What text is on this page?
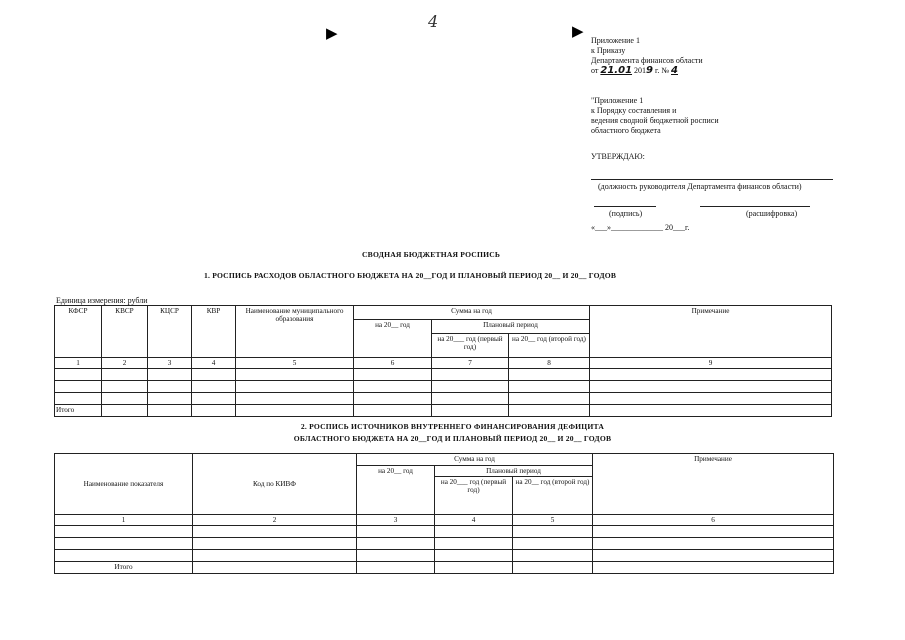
4
▶	▶
Приложение 1
к Приказу
Департамента финансов области
от 21.01 2019 г. № 4
"Приложение 1
к Порядку составления и
ведения сводной бюджетной росписи
областного бюджета
УТВЕРЖДАЮ:
(должность руководителя Департамента финансов области)
(подпись)	(расшифровка)
«___»_____________ 20___г.
СВОДНАЯ БЮДЖЕТНАЯ РОСПИСЬ
1. РОСПИСЬ РАСХОДОВ ОБЛАСТНОГО БЮДЖЕТА НА 20__ГОД И ПЛАНОВЫЙ ПЕРИОД 20__ И 20__ ГОДОВ
Единица измерения: рубли
КФСР	КВСР	КЦСР	КВР	Наименование муниципального образования	Сумма на год			Примечание
					на 20__ год	Плановый период		
						на 20___ год (первый год)	на 20__ год (второй год)	
1	2	3	4	5	6	7	8	9

Итого								
2. РОСПИСЬ ИСТОЧНИКОВ ВНУТРЕННЕГО ФИНАНСИРОВАНИЯ ДЕФИЦИТА
ОБЛАСТНОГО БЮДЖЕТА НА 20__ГОД И ПЛАНОВЫЙ ПЕРИОД 20__ И 20__ ГОДОВ
Наименование показателя	Код по КИВФ	Сумма на год			Примечание
		на 20__ год	Плановый период		
			на 20___ год (первый год)	на 20__ год (второй год)	
1	2	3	4	5	6

Итого					
